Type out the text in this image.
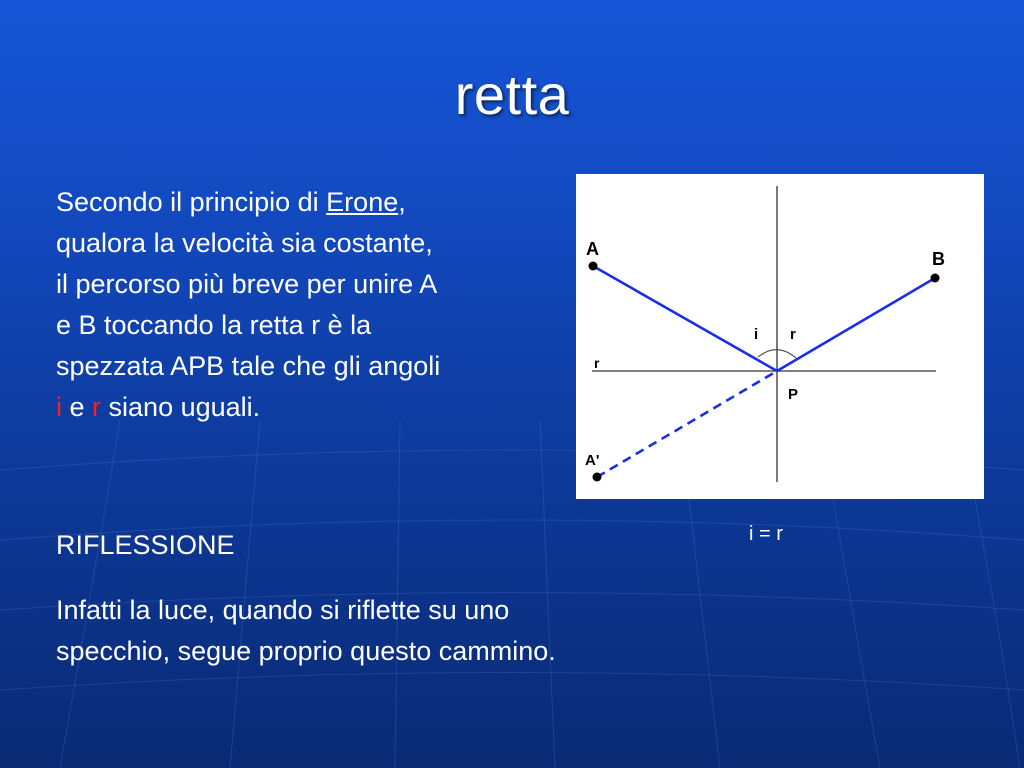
retta
Secondo il principio di Erone,
qualora la velocità sia costante,
il percorso più breve per unire A
e B toccando la retta r è la
spezzata APB tale che gli angoli
i e r siano uguali.
A	B
P
A'
r
i r
i = r
RIFLESSIONE
Infatti la luce, quando si riflette su uno
specchio, segue proprio questo cammino.
